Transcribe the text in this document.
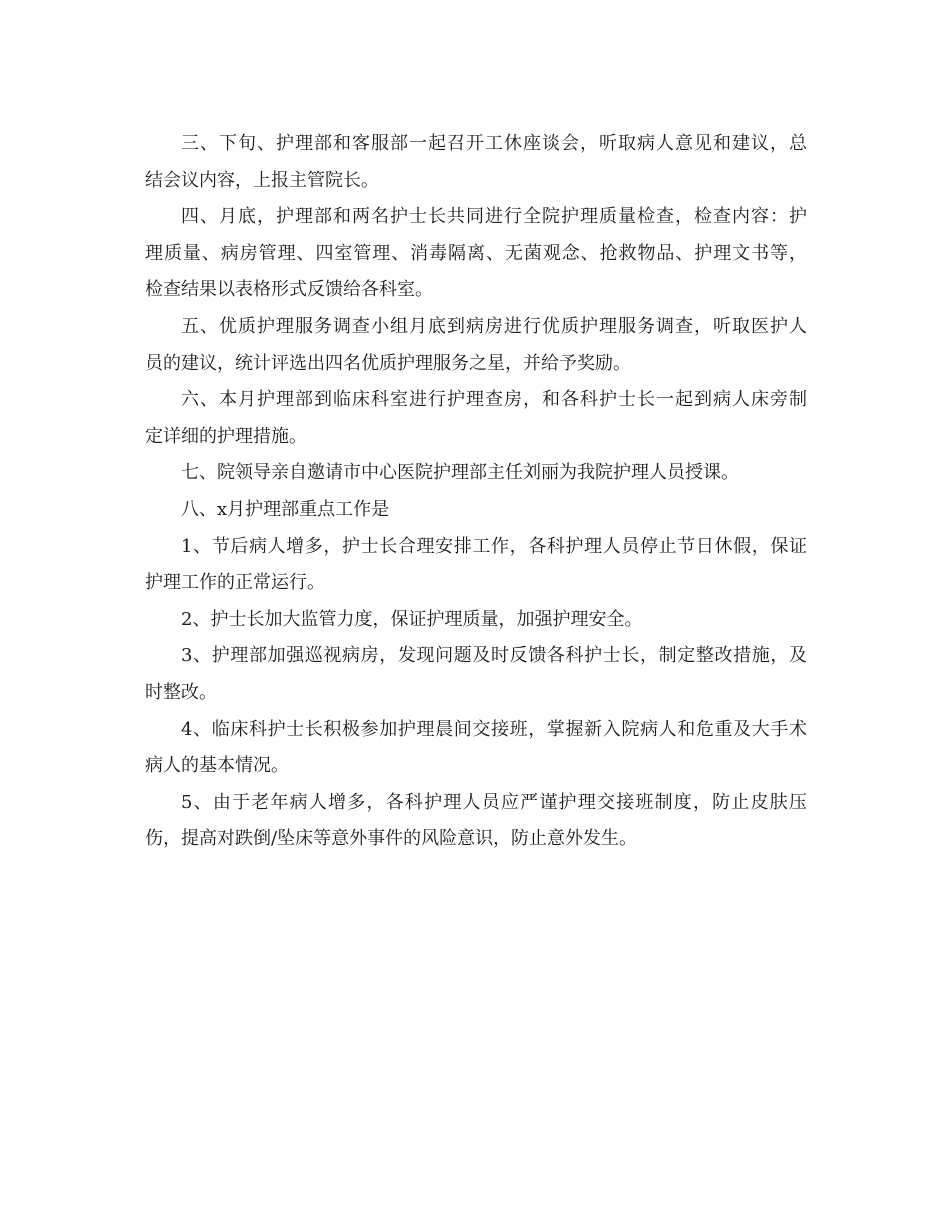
三、下旬、护理部和客服部一起召开工休座谈会，听取病人意见和建议，总
结会议内容，上报主管院长。

四、月底，护理部和两名护士长共同进行全院护理质量检查，检查内容：护
理质量、病房管理、四室管理、消毒隔离、无菌观念、抢救物品、护理文书等，
检查结果以表格形式反馈给各科室。

五、优质护理服务调查小组月底到病房进行优质护理服务调查，听取医护人
员的建议，统计评选出四名优质护理服务之星，并给予奖励。

六、本月护理部到临床科室进行护理查房，和各科护士长一起到病人床旁制
定详细的护理措施。

七、院领导亲自邀请市中心医院护理部主任刘丽为我院护理人员授课。

八、x月护理部重点工作是

1、节后病人增多，护士长合理安排工作，各科护理人员停止节日休假，保证
护理工作的正常运行。

2、护士长加大监管力度，保证护理质量，加强护理安全。

3、护理部加强巡视病房，发现问题及时反馈各科护士长，制定整改措施，及
时整改。

4、临床科护士长积极参加护理晨间交接班，掌握新入院病人和危重及大手术
病人的基本情况。

5、由于老年病人增多，各科护理人员应严谨护理交接班制度，防止皮肤压
伤，提高对跌倒/坠床等意外事件的风险意识，防止意外发生。
